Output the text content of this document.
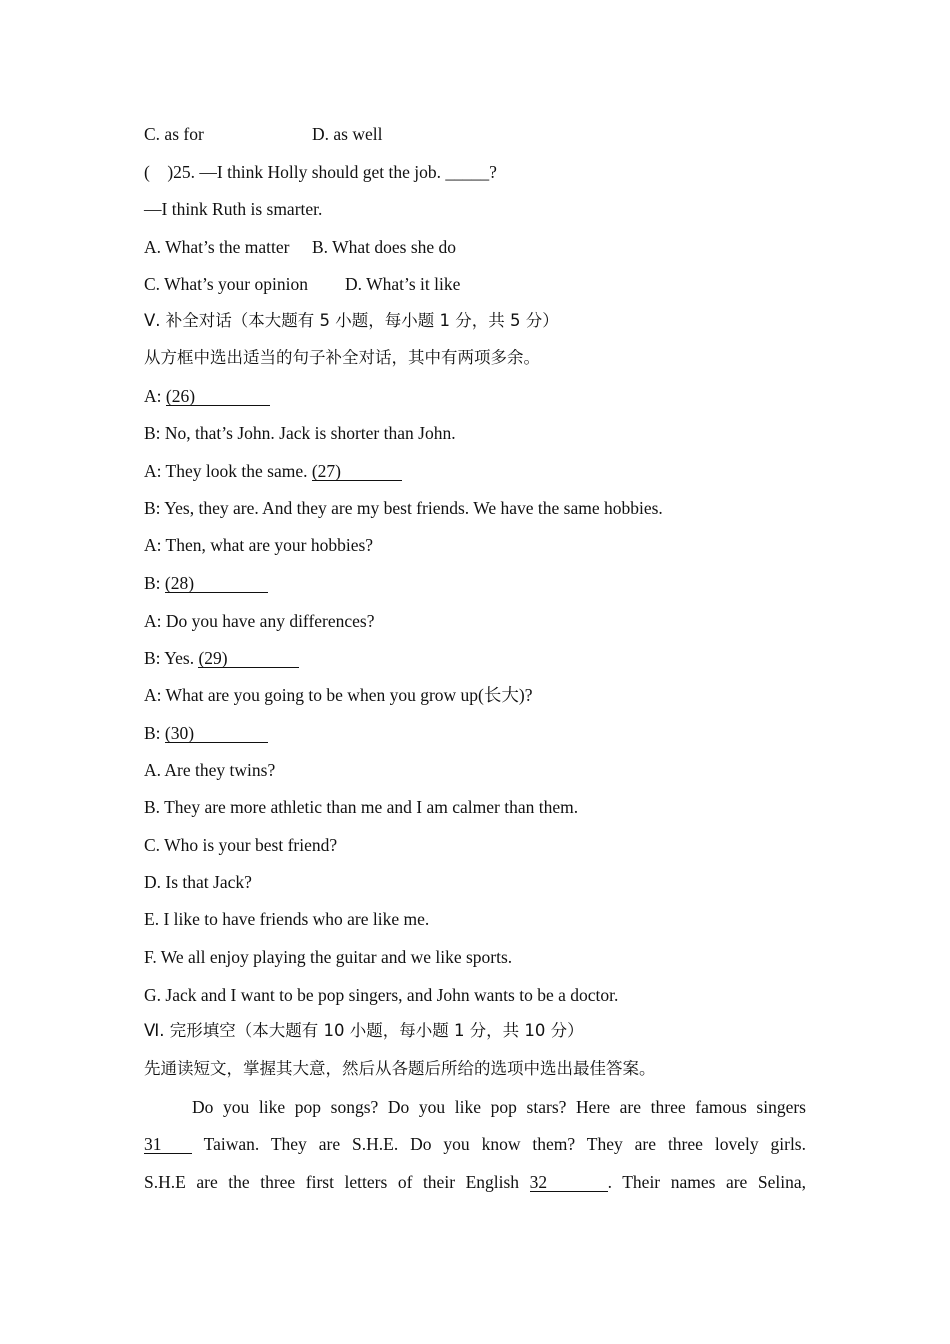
C. as for	D. as well
(    )25. —I think Holly should get the job. _____?
—I think Ruth is smarter.
A. What’s the matter B. What does she do
C. What’s your opinion D. What’s it like
Ⅴ. 补全对话（本大题有 5 小题，每小题 1 分，共 5 分）
从方框中选出适当的句子补全对话，其中有两项多余。
A: (26)
B: No, that’s John. Jack is shorter than John.
A: They look the same. (27)
B: Yes, they are. And they are my best friends. We have the same hobbies.
A: Then, what are your hobbies?
B: (28)
A: Do you have any differences?
B: Yes. (29)
A: What are you going to be when you grow up(长大)?
B: (30)
A. Are they twins?
B. They are more athletic than me and I am calmer than them.
C. Who is your best friend?
D. Is that Jack?
E. I like to have friends who are like me.
F. We all enjoy playing the guitar and we like sports.
G. Jack and I want to be pop singers, and John wants to be a doctor.
Ⅵ. 完形填空（本大题有 10 小题，每小题 1 分，共 10 分）
先通读短文，掌握其大意，然后从各题后所给的选项中选出最佳答案。
Do you like pop songs? Do you like pop stars? Here are three famous singers
31 Taiwan. They are S.H.E. Do you know them? They are three lovely girls.
S.H.E are the three first letters of their English 32	. Their names are Selina,
